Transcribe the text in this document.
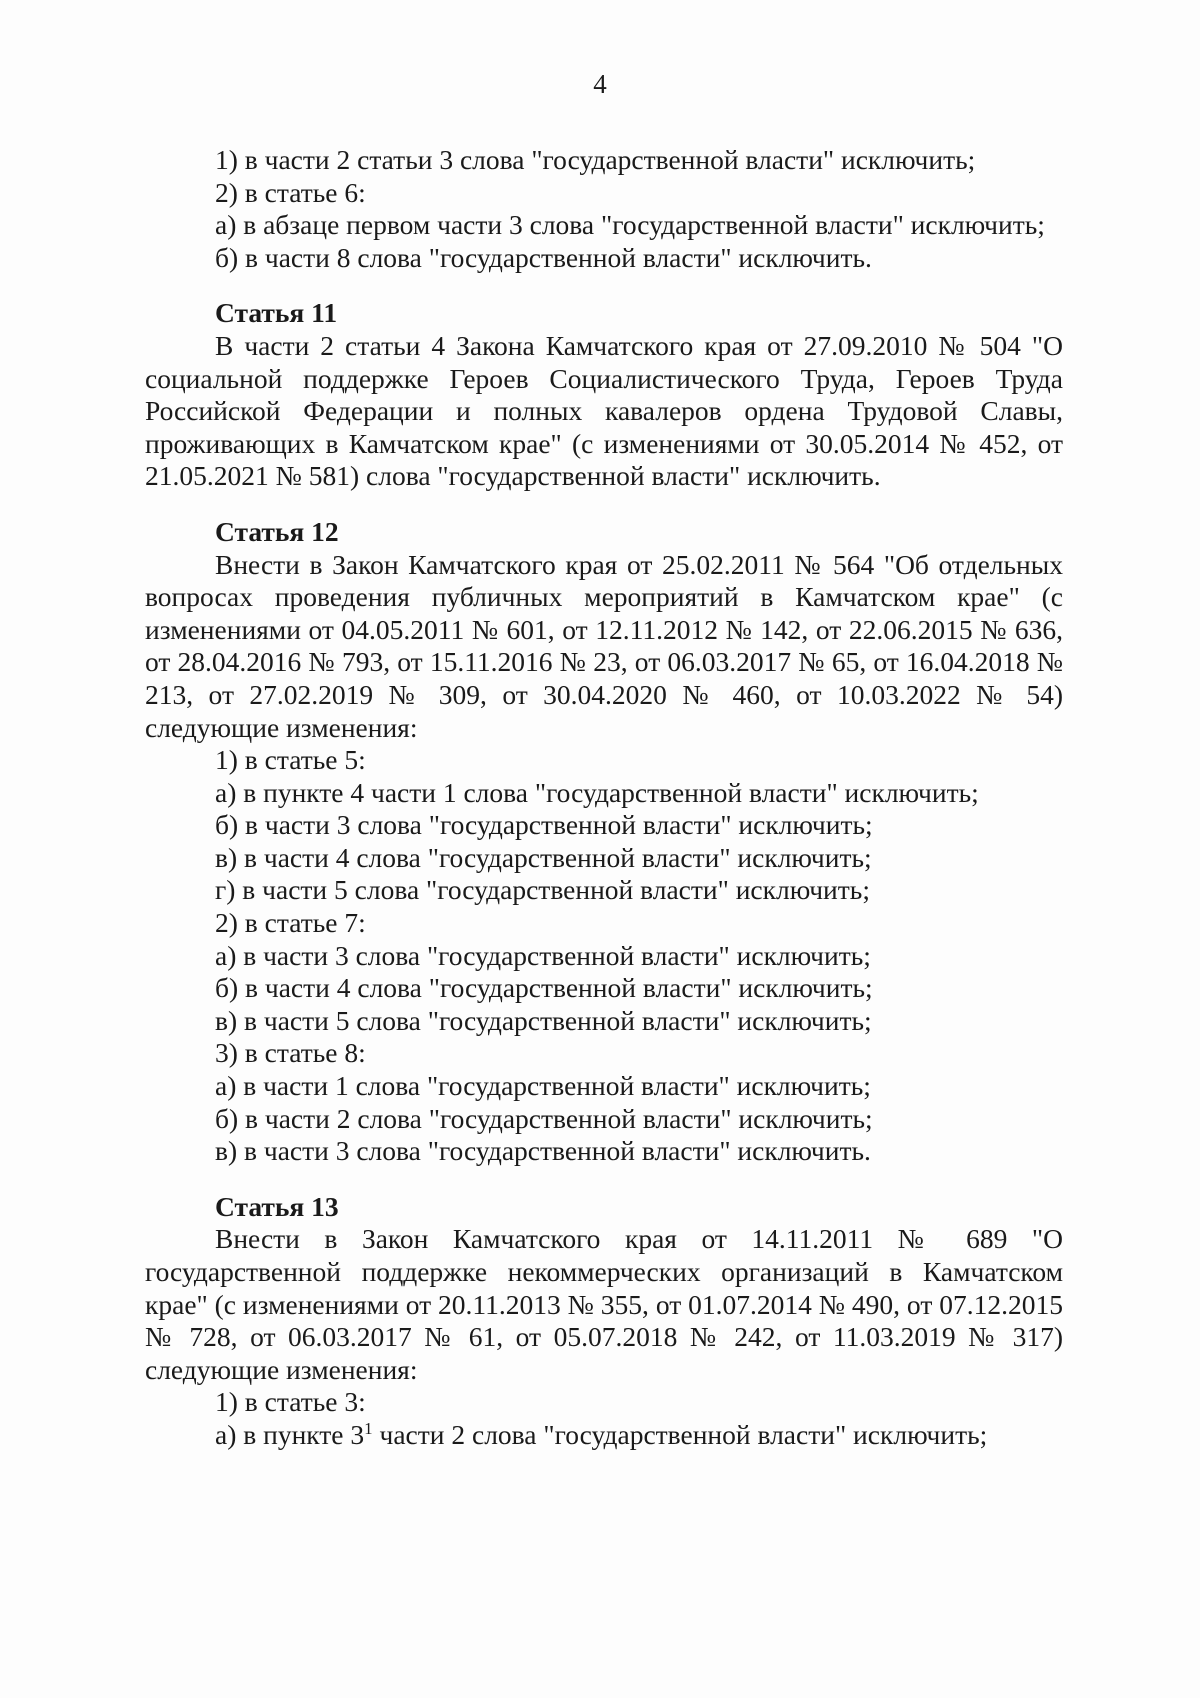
4

1) в части 2 статьи 3 слова "государственной власти" исключить;

2) в статье 6:

а) в абзаце первом части 3 слова "государственной власти" исключить;

б) в части 8 слова "государственной власти" исключить.

Статья 11

В части 2 статьи 4 Закона Камчатского края от 27.09.2010 № 504 "О социальной поддержке Героев Социалистического Труда, Героев Труда Российской Федерации и полных кавалеров ордена Трудовой Славы, проживающих в Камчатском крае" (с изменениями от 30.05.2014 № 452, от 21.05.2021 № 581) слова "государственной власти" исключить.

Статья 12

Внести в Закон Камчатского края от 25.02.2011 № 564 "Об отдельных вопросах проведения публичных мероприятий в Камчатском крае" (с изменениями от 04.05.2011 № 601, от 12.11.2012 № 142, от 22.06.2015 № 636, от 28.04.2016 № 793, от 15.11.2016 № 23, от 06.03.2017 № 65, от 16.04.2018 № 213, от 27.02.2019 № 309, от 30.04.2020 № 460, от 10.03.2022 № 54) следующие изменения:

1) в статье 5:

а) в пункте 4 части 1 слова "государственной власти" исключить;

б) в части 3 слова "государственной власти" исключить;

в) в части 4 слова "государственной власти" исключить;

г) в части 5 слова "государственной власти" исключить;

2) в статье 7:

а) в части 3 слова "государственной власти" исключить;

б) в части 4 слова "государственной власти" исключить;

в) в части 5 слова "государственной власти" исключить;

3) в статье 8:

а) в части 1 слова "государственной власти" исключить;

б) в части 2 слова "государственной власти" исключить;

в) в части 3 слова "государственной власти" исключить.

Статья 13

Внести в Закон Камчатского края от 14.11.2011 № 689 "О государственной поддержке некоммерческих организаций в Камчатском крае" (с изменениями от 20.11.2013 № 355, от 01.07.2014 № 490, от 07.12.2015 № 728, от 06.03.2017 № 61, от 05.07.2018 № 242, от 11.03.2019 № 317) следующие изменения:

1) в статье 3:

а) в пункте $3^1$ части 2 слова "государственной власти" исключить;
